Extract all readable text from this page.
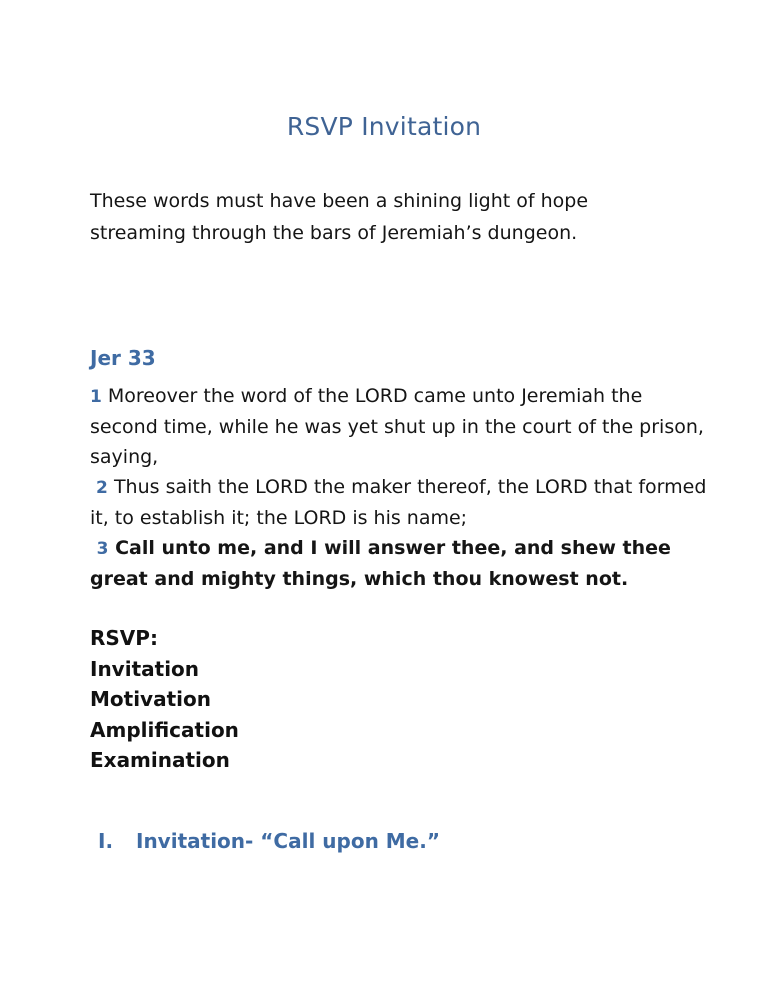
RSVP Invitation
These words must have been a shining light of hope
streaming through the bars of Jeremiah’s dungeon.
Jer 33

1 Moreover the word of the LORD came unto Jeremiah the second time, while he was yet shut up in the court of the prison, saying,

2 Thus saith the LORD the maker thereof, the LORD that formed it, to establish it; the LORD is his name;

3 Call unto me, and I will answer thee, and shew thee great and mighty things, which thou knowest not.

RSVP:
Invitation
Motivation
Amplification
Examination
I. Invitation- “Call upon Me.”
